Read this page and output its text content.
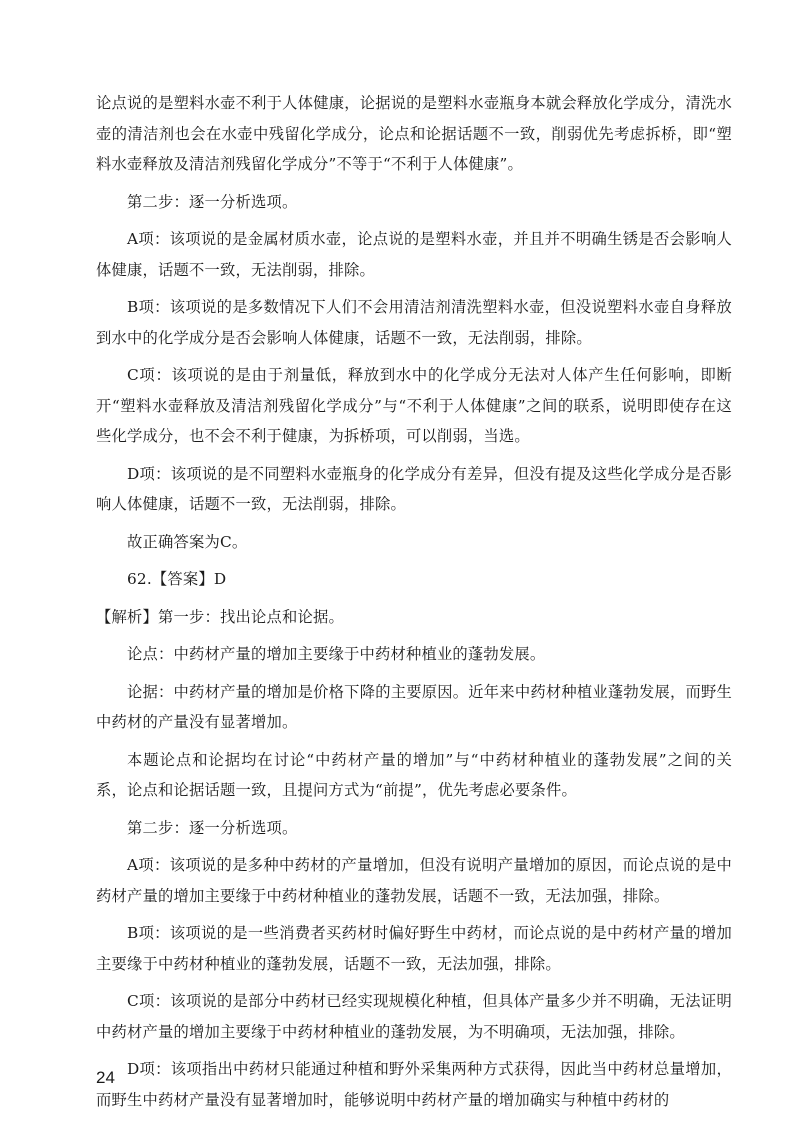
论点说的是塑料水壶不利于人体健康，论据说的是塑料水壶瓶身本就会释放化学成分，清洗水壶的清洁剂也会在水壶中残留化学成分，论点和论据话题不一致，削弱优先考虑拆桥，即“塑料水壶释放及清洁剂残留化学成分”不等于“不利于人体健康”。

第二步：逐一分析选项。

A项：该项说的是金属材质水壶，论点说的是塑料水壶，并且并不明确生锈是否会影响人体健康，话题不一致，无法削弱，排除。

B项：该项说的是多数情况下人们不会用清洁剂清洗塑料水壶，但没说塑料水壶自身释放到水中的化学成分是否会影响人体健康，话题不一致，无法削弱，排除。

C项：该项说的是由于剂量低，释放到水中的化学成分无法对人体产生任何影响，即断开“塑料水壶释放及清洁剂残留化学成分”与“不利于人体健康”之间的联系，说明即使存在这些化学成分，也不会不利于健康，为拆桥项，可以削弱，当选。

D项：该项说的是不同塑料水壶瓶身的化学成分有差异，但没有提及这些化学成分是否影响人体健康，话题不一致，无法削弱，排除。

故正确答案为C。

62.【答案】D

【解析】第一步：找出论点和论据。

论点：中药材产量的增加主要缘于中药材种植业的蓬勃发展。

论据：中药材产量的增加是价格下降的主要原因。近年来中药材种植业蓬勃发展，而野生中药材的产量没有显著增加。

本题论点和论据均在讨论“中药材产量的增加”与“中药材种植业的蓬勃发展”之间的关系，论点和论据话题一致，且提问方式为“前提”，优先考虑必要条件。

第二步：逐一分析选项。

A项：该项说的是多种中药材的产量增加，但没有说明产量增加的原因，而论点说的是中药材产量的增加主要缘于中药材种植业的蓬勃发展，话题不一致，无法加强，排除。

B项：该项说的是一些消费者买药材时偏好野生中药材，而论点说的是中药材产量的增加主要缘于中药材种植业的蓬勃发展，话题不一致，无法加强，排除。

C项：该项说的是部分中药材已经实现规模化种植，但具体产量多少并不明确，无法证明中药材产量的增加主要缘于中药材种植业的蓬勃发展，为不明确项，无法加强，排除。

D项：该项指出中药材只能通过种植和野外采集两种方式获得，因此当中药材总量增加，而野生中药材产量没有显著增加时，能够说明中药材产量的增加确实与种植中药材的

24
